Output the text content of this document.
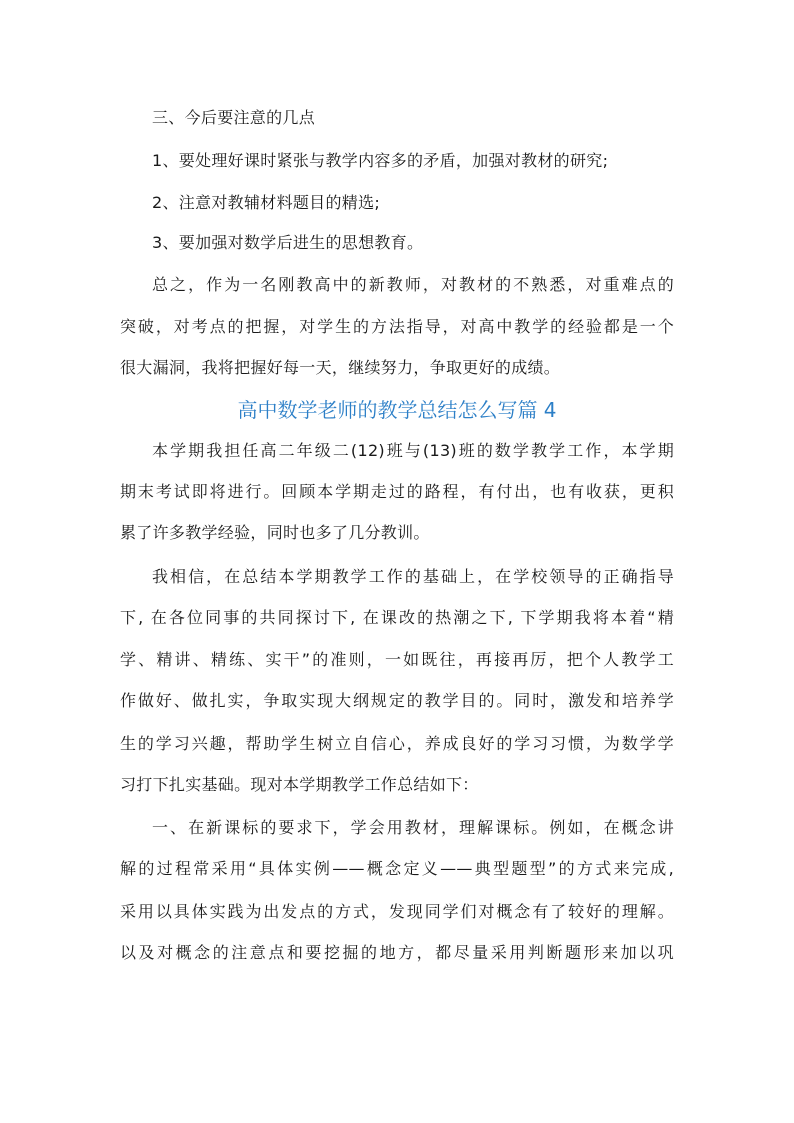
三、今后要注意的几点
1、要处理好课时紧张与教学内容多的矛盾，加强对教材的研究;
2、注意对教辅材料题目的精选;
3、要加强对数学后进生的思想教育。
总之，作为一名刚教高中的新教师，对教材的不熟悉，对重难点的
突破，对考点的把握，对学生的方法指导，对高中教学的经验都是一个
很大漏洞，我将把握好每一天，继续努力，争取更好的成绩。
高中数学老师的教学总结怎么写篇 4
本学期我担任高二年级二(12)班与(13)班的数学教学工作，本学期
期末考试即将进行。回顾本学期走过的路程，有付出，也有收获，更积
累了许多教学经验，同时也多了几分教训。
我相信，在总结本学期教学工作的基础上，在学校领导的正确指导
下, 在各位同事的共同探讨下, 在课改的热潮之下, 下学期我将本着“精
学、精讲、精练、实干”的准则，一如既往，再接再厉，把个人教学工
作做好、做扎实，争取实现大纲规定的教学目的。同时，激发和培养学
生的学习兴趣，帮助学生树立自信心，养成良好的学习习惯，为数学学
习打下扎实基础。现对本学期教学工作总结如下：
一、在新课标的要求下，学会用教材，理解课标。例如，在概念讲
解的过程常采用“具体实例——概念定义——典型题型”的方式来完成,
采用以具体实践为出发点的方式，发现同学们对概念有了较好的理解。
以及对概念的注意点和要挖掘的地方，都尽量采用判断题形来加以巩
